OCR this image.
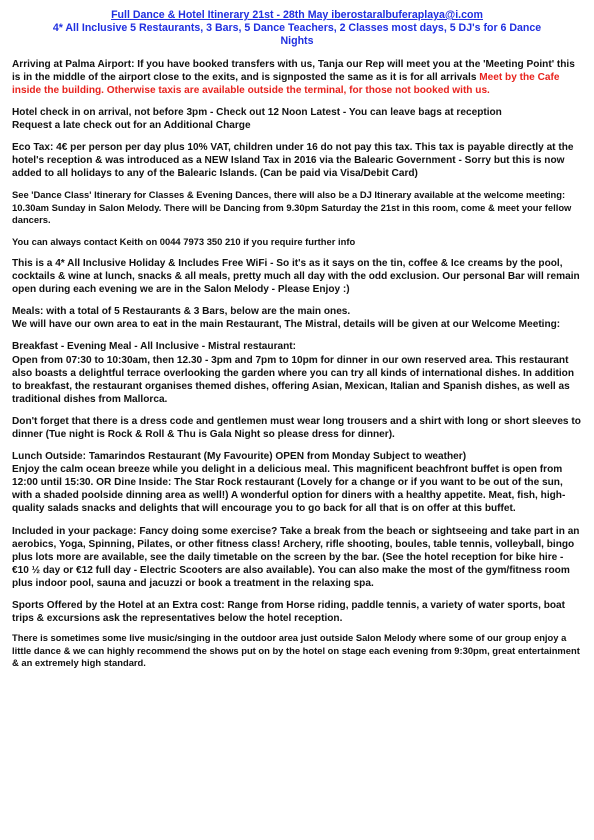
Full Dance & Hotel Itinerary 21st - 28th May iberostaralbuferaplaya@i.com
4* All Inclusive 5 Restaurants, 3 Bars, 5 Dance Teachers, 2 Classes most days, 5 DJ's for 6 Dance
Nights

Arriving at Palma Airport: If you have booked transfers with us, Tanja our Rep will meet you at the 'Meeting Point' this is in the middle of the airport close to the exits, and is signposted the same as it is for all arrivals Meet by the Cafe inside the building. Otherwise taxis are available outside the terminal, for those not booked with us.

Hotel check in on arrival, not before 3pm - Check out 12 Noon Latest - You can leave bags at reception

Request a late check out for an Additional Charge

Eco Tax: 4€ per person per day plus 10% VAT, children under 16 do not pay this tax. This tax is payable directly at the hotel's reception & was introduced as a NEW Island Tax in 2016 via the Balearic Government - Sorry but this is now added to all holidays to any of the Balearic Islands. (Can be paid via Visa/Debit Card)

See 'Dance Class' Itinerary for Classes & Evening Dances, there will also be a DJ Itinerary available at the welcome meeting: 10.30am Sunday in Salon Melody. There will be Dancing from 9.30pm Saturday the 21st in this room, come & meet your fellow dancers.

You can always contact Keith on 0044 7973 350 210 if you require further info

This is a 4* All Inclusive Holiday & Includes Free WiFi - So it's as it says on the tin, coffee & Ice creams by the pool, cocktails & wine at lunch, snacks & all meals, pretty much all day with the odd exclusion. Our personal Bar will remain open during each evening we are in the Salon Melody - Please Enjoy :)

Meals: with a total of 5 Restaurants & 3 Bars, below are the main ones.

We will have our own area to eat in the main Restaurant, The Mistral, details will be given at our Welcome Meeting:

Breakfast - Evening Meal - All Inclusive - Mistral restaurant:

Open from 07:30 to 10:30am, then 12.30 - 3pm and 7pm to 10pm for dinner in our own reserved area. This restaurant also boasts a delightful terrace overlooking the garden where you can try all kinds of international dishes. In addition to breakfast, the restaurant organises themed dishes, offering Asian, Mexican, Italian and Spanish dishes, as well as traditional dishes from Mallorca.

Don't forget that there is a dress code and gentlemen must wear long trousers and a shirt with long or short sleeves to dinner (Tue night is Rock & Roll & Thu is Gala Night so please dress for dinner).

Lunch Outside: Tamarindos Restaurant (My Favourite) OPEN from Monday Subject to weather)

Enjoy the calm ocean breeze while you delight in a delicious meal. This magnificent beachfront buffet is open from 12:00 until 15:30. OR Dine Inside: The Star Rock restaurant (Lovely for a change or if you want to be out of the sun, with a shaded poolside dinning area as well!) A wonderful option for diners with a healthy appetite. Meat, fish, high-quality salads snacks and delights that will encourage you to go back for all that is on offer at this buffet.

Included in your package: Fancy doing some exercise? Take a break from the beach or sightseeing and take part in an aerobics, Yoga, Spinning, Pilates, or other fitness class! Archery, rifle shooting, boules, table tennis, volleyball, bingo plus lots more are available, see the daily timetable on the screen by the bar. (See the hotel reception for bike hire - €10 ½ day or €12 full day - Electric Scooters are also available). You can also make the most of the gym/fitness room plus indoor pool, sauna and jacuzzi or book a treatment in the relaxing spa.

Sports Offered by the Hotel at an Extra cost: Range from Horse riding, paddle tennis, a variety of water sports, boat trips & excursions ask the representatives below the hotel reception.

There is sometimes some live music/singing in the outdoor area just outside Salon Melody where some of our group enjoy a little dance & we can highly recommend the shows put on by the hotel on stage each evening from 9:30pm, great entertainment & an extremely high standard.
